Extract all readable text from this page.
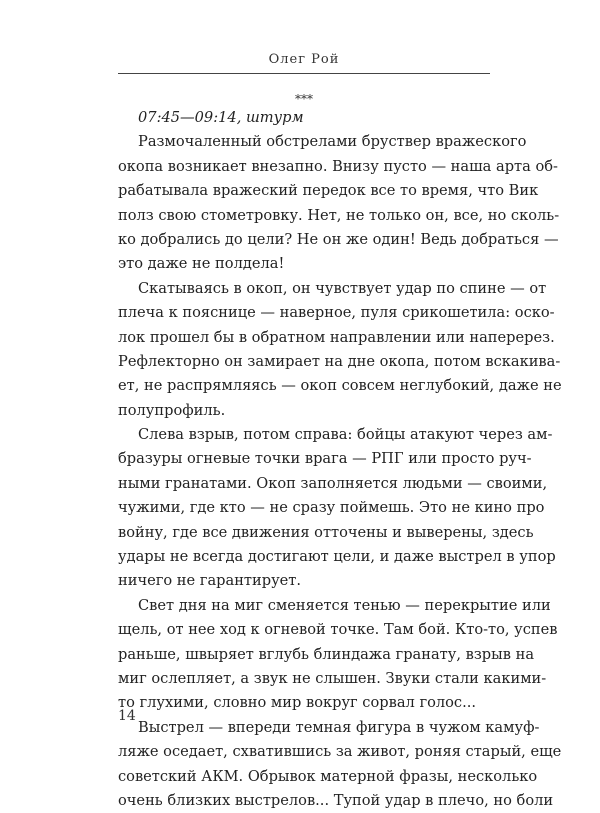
Олег Рой
***
07:45—09:14, штурм
Размочаленный обстрелами бруствер вражеского
окопа возникает внезапно. Внизу пусто — наша арта об-
рабатывала вражеский передок все то время, что Вик
полз свою стометровку. Нет, не только он, все, но сколь-
ко добрались до цели? Не он же один! Ведь добраться —
это даже не полдела!
Скатываясь в окоп, он чувствует удар по спине — от
плеча к пояснице — наверное, пуля срикошетила: оско-
лок прошел бы в обратном направлении или наперерез.
Рефлекторно он замирает на дне окопа, потом вскакива-
ет, не распрямляясь — окоп совсем неглубокий, даже не
полупрофиль.
Слева взрыв, потом справа: бойцы атакуют через ам-
бразуры огневые точки врага — РПГ или просто руч-
ными гранатами. Окоп заполняется людьми — своими,
чужими, где кто — не сразу поймешь. Это не кино про
войну, где все движения отточены и выверены, здесь
удары не всегда достигают цели, и даже выстрел в упор
ничего не гарантирует.
Свет дня на миг сменяется тенью — перекрытие или
щель, от нее ход к огневой точке. Там бой. Кто-то, успев
раньше, швыряет вглубь блиндажа гранату, взрыв на
миг ослепляет, а звук не слышен. Звуки стали какими-
то глухими, словно мир вокруг сорвал голос...
Выстрел — впереди темная фигура в чужом камуф-
ляже оседает, схватившись за живот, роняя старый, еще
советский АКМ. Обрывок матерной фразы, несколько
очень близких выстрелов... Тупой удар в плечо, но боли
14
